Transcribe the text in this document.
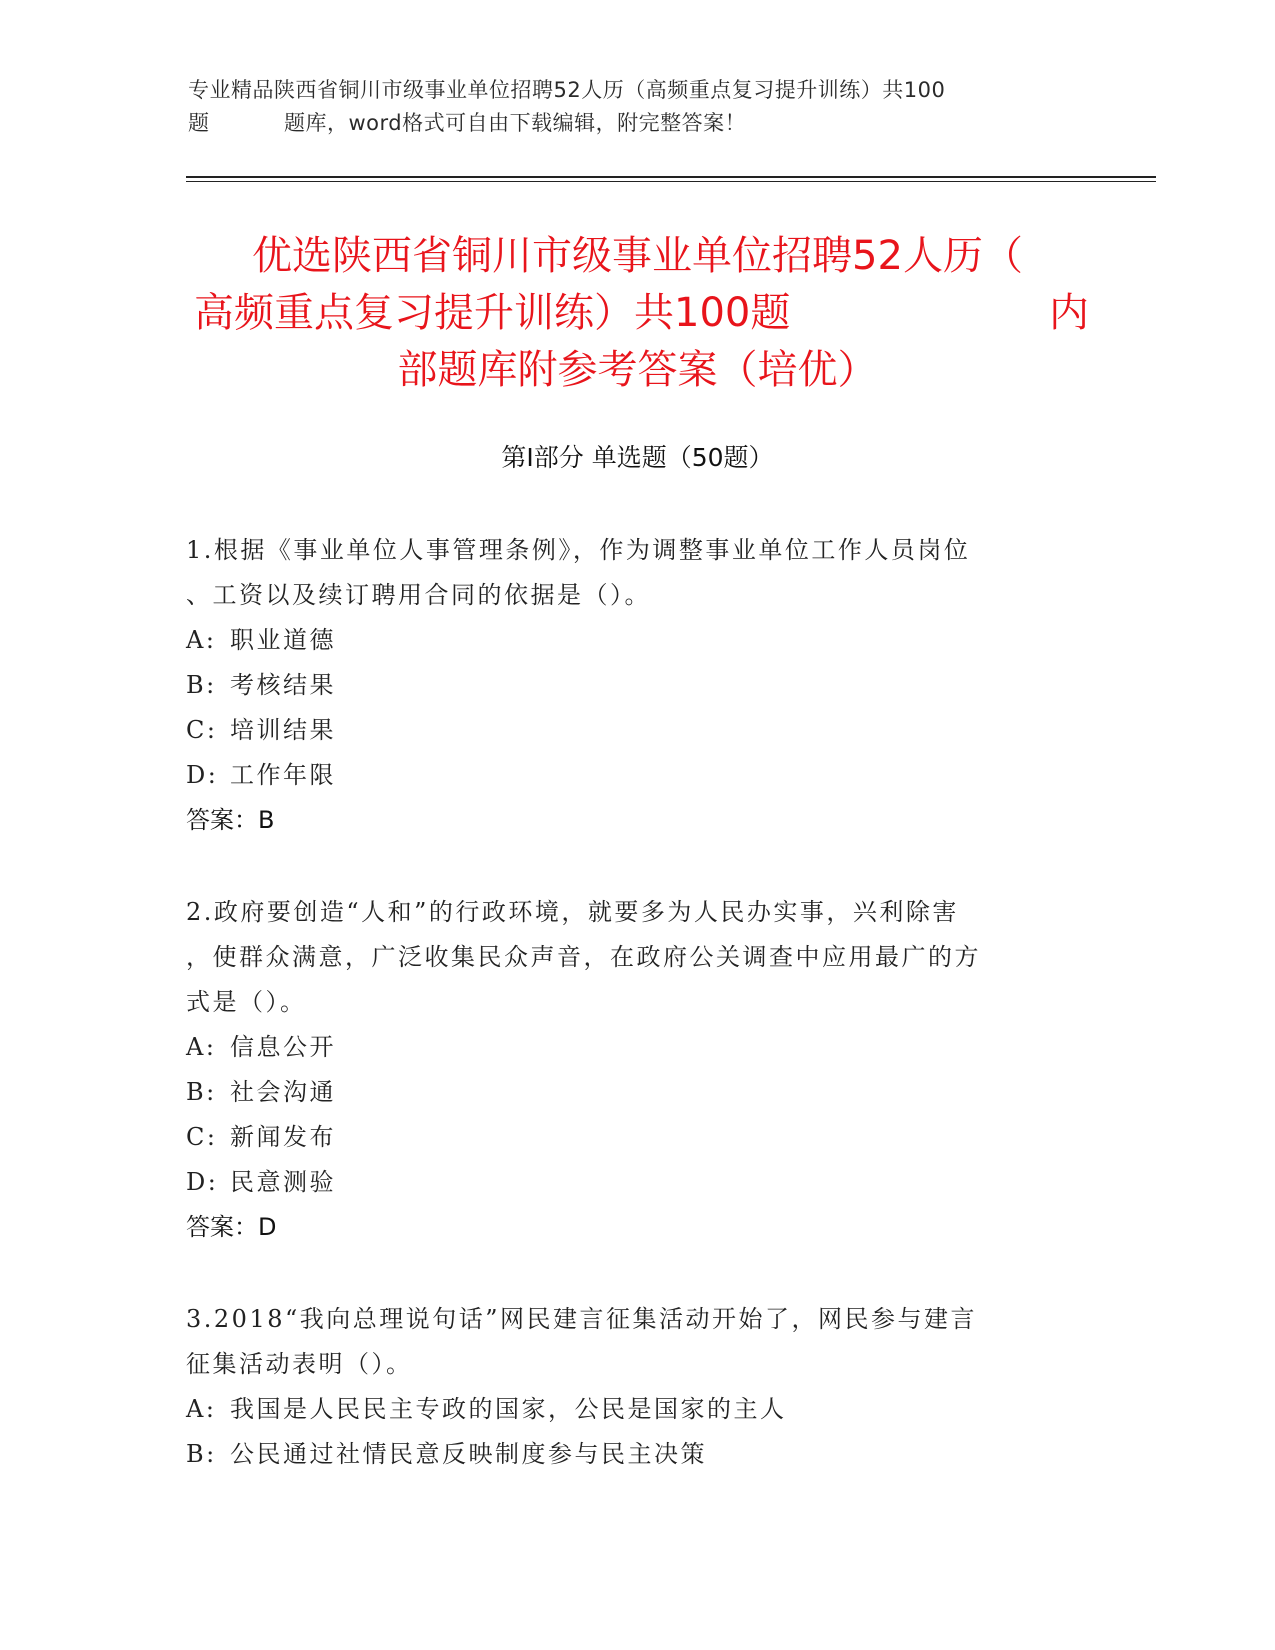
专业精品陕西省铜川市级事业单位招聘52人历（高频重点复习提升训练）共100
题	题库，word格式可自由下载编辑，附完整答案！
优选陕西省铜川市级事业单位招聘52人历（
高频重点复习提升训练）共100题	内
部题库附参考答案（培优）
第Ⅰ部分 单选题（50题）
1.根据《事业单位人事管理条例》，作为调整事业单位工作人员岗位
、工资以及续订聘用合同的依据是（）。
A: 职业道德
B: 考核结果
C: 培训结果
D: 工作年限
答案：B
2.政府要创造“人和”的行政环境，就要多为人民办实事，兴利除害
，使群众满意，广泛收集民众声音，在政府公关调查中应用最广的方
式是（）。
A: 信息公开
B: 社会沟通
C: 新闻发布
D: 民意测验
答案：D
3.2018“我向总理说句话”网民建言征集活动开始了，网民参与建言
征集活动表明（）。
A: 我国是人民民主专政的国家，公民是国家的主人
B: 公民通过社情民意反映制度参与民主决策
